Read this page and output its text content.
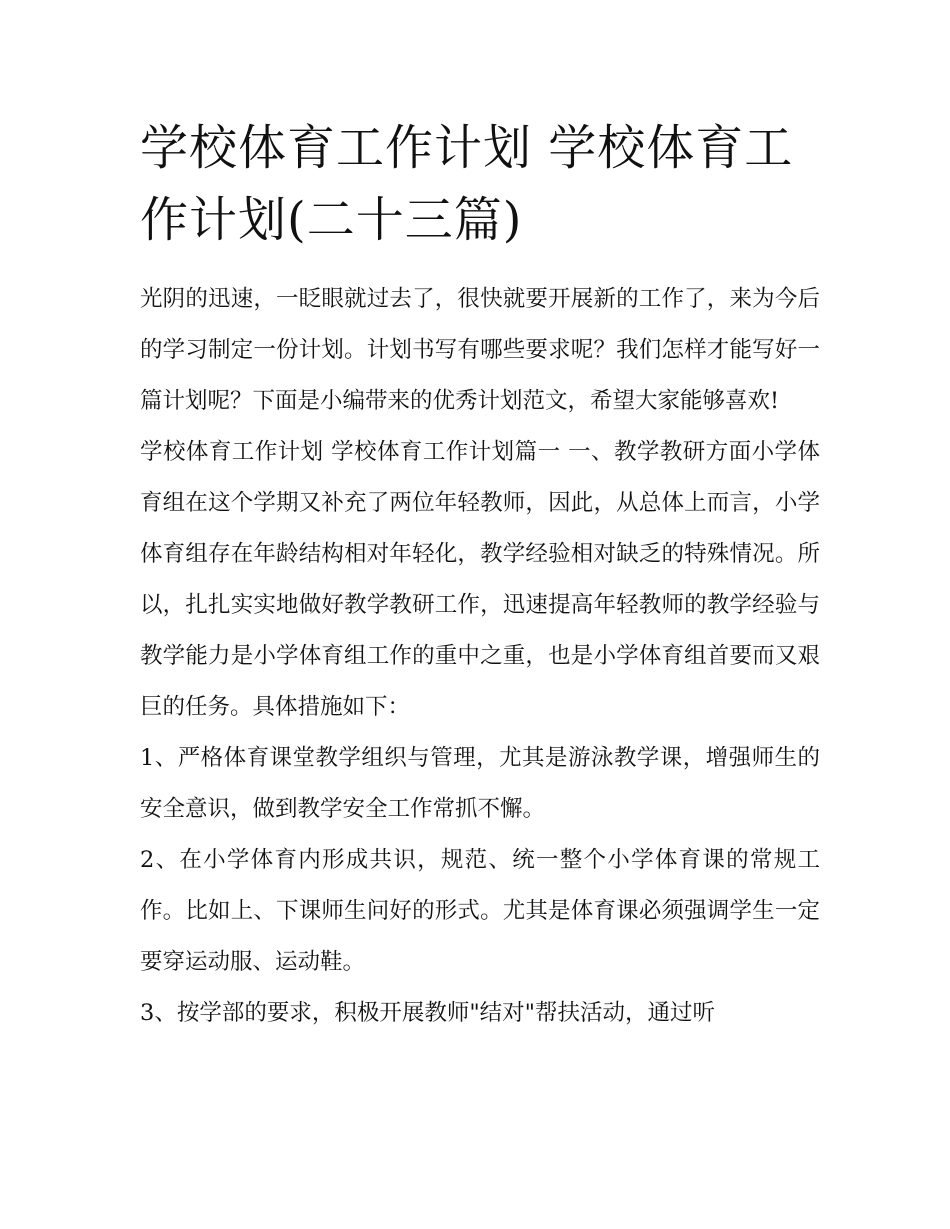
学校体育工作计划 学校体育工作计划(二十三篇)

光阴的迅速，一眨眼就过去了，很快就要开展新的工作了，来为今后的学习制定一份计划。计划书写有哪些要求呢？我们怎样才能写好一篇计划呢？下面是小编带来的优秀计划范文，希望大家能够喜欢!

学校体育工作计划 学校体育工作计划篇一 一、教学教研方面小学体育组在这个学期又补充了两位年轻教师，因此，从总体上而言，小学体育组存在年龄结构相对年轻化，教学经验相对缺乏的特殊情况。所以，扎扎实实地做好教学教研工作，迅速提高年轻教师的教学经验与教学能力是小学体育组工作的重中之重，也是小学体育组首要而又艰巨的任务。具体措施如下：

1、严格体育课堂教学组织与管理，尤其是游泳教学课，增强师生的安全意识，做到教学安全工作常抓不懈。

2、在小学体育内形成共识，规范、统一整个小学体育课的常规工作。比如上、下课师生问好的形式。尤其是体育课必须强调学生一定要穿运动服、运动鞋。

3、按学部的要求，积极开展教师"结对"帮扶活动，通过听
